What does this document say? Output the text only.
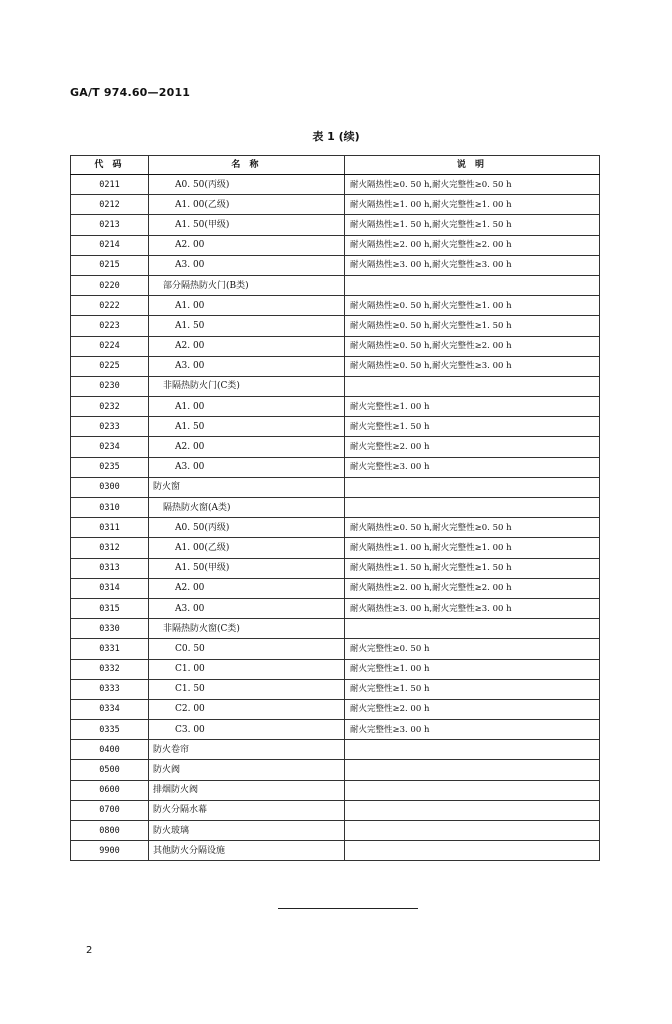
GA/T 974.60—2011
表 1 (续)
代 码	名 称	说 明
0211	A0. 50(丙级)	耐火隔热性≥0. 50 h,耐火完整性≥0. 50 h
0212	A1. 00(乙级)	耐火隔热性≥1. 00 h,耐火完整性≥1. 00 h
0213	A1. 50(甲级)	耐火隔热性≥1. 50 h,耐火完整性≥1. 50 h
0214	A2. 00	耐火隔热性≥2. 00 h,耐火完整性≥2. 00 h
0215	A3. 00	耐火隔热性≥3. 00 h,耐火完整性≥3. 00 h
0220	部分隔热防火门(B类)	
0222	A1. 00	耐火隔热性≥0. 50 h,耐火完整性≥1. 00 h
0223	A1. 50	耐火隔热性≥0. 50 h,耐火完整性≥1. 50 h
0224	A2. 00	耐火隔热性≥0. 50 h,耐火完整性≥2. 00 h
0225	A3. 00	耐火隔热性≥0. 50 h,耐火完整性≥3. 00 h
0230	非隔热防火门(C类)	
0232	A1. 00	耐火完整性≥1. 00 h
0233	A1. 50	耐火完整性≥1. 50 h
0234	A2. 00	耐火完整性≥2. 00 h
0235	A3. 00	耐火完整性≥3. 00 h
0300	防火窗	
0310	隔热防火窗(A类)	
0311	A0. 50(丙级)	耐火隔热性≥0. 50 h,耐火完整性≥0. 50 h
0312	A1. 00(乙级)	耐火隔热性≥1. 00 h,耐火完整性≥1. 00 h
0313	A1. 50(甲级)	耐火隔热性≥1. 50 h,耐火完整性≥1. 50 h
0314	A2. 00	耐火隔热性≥2. 00 h,耐火完整性≥2. 00 h
0315	A3. 00	耐火隔热性≥3. 00 h,耐火完整性≥3. 00 h
0330	非隔热防火窗(C类)	
0331	C0. 50	耐火完整性≥0. 50 h
0332	C1. 00	耐火完整性≥1. 00 h
0333	C1. 50	耐火完整性≥1. 50 h
0334	C2. 00	耐火完整性≥2. 00 h
0335	C3. 00	耐火完整性≥3. 00 h
0400	防火卷帘	
0500	防火阀	
0600	排烟防火阀	
0700	防火分隔水幕	
0800	防火玻璃	
9900	其他防火分隔设施	
2
